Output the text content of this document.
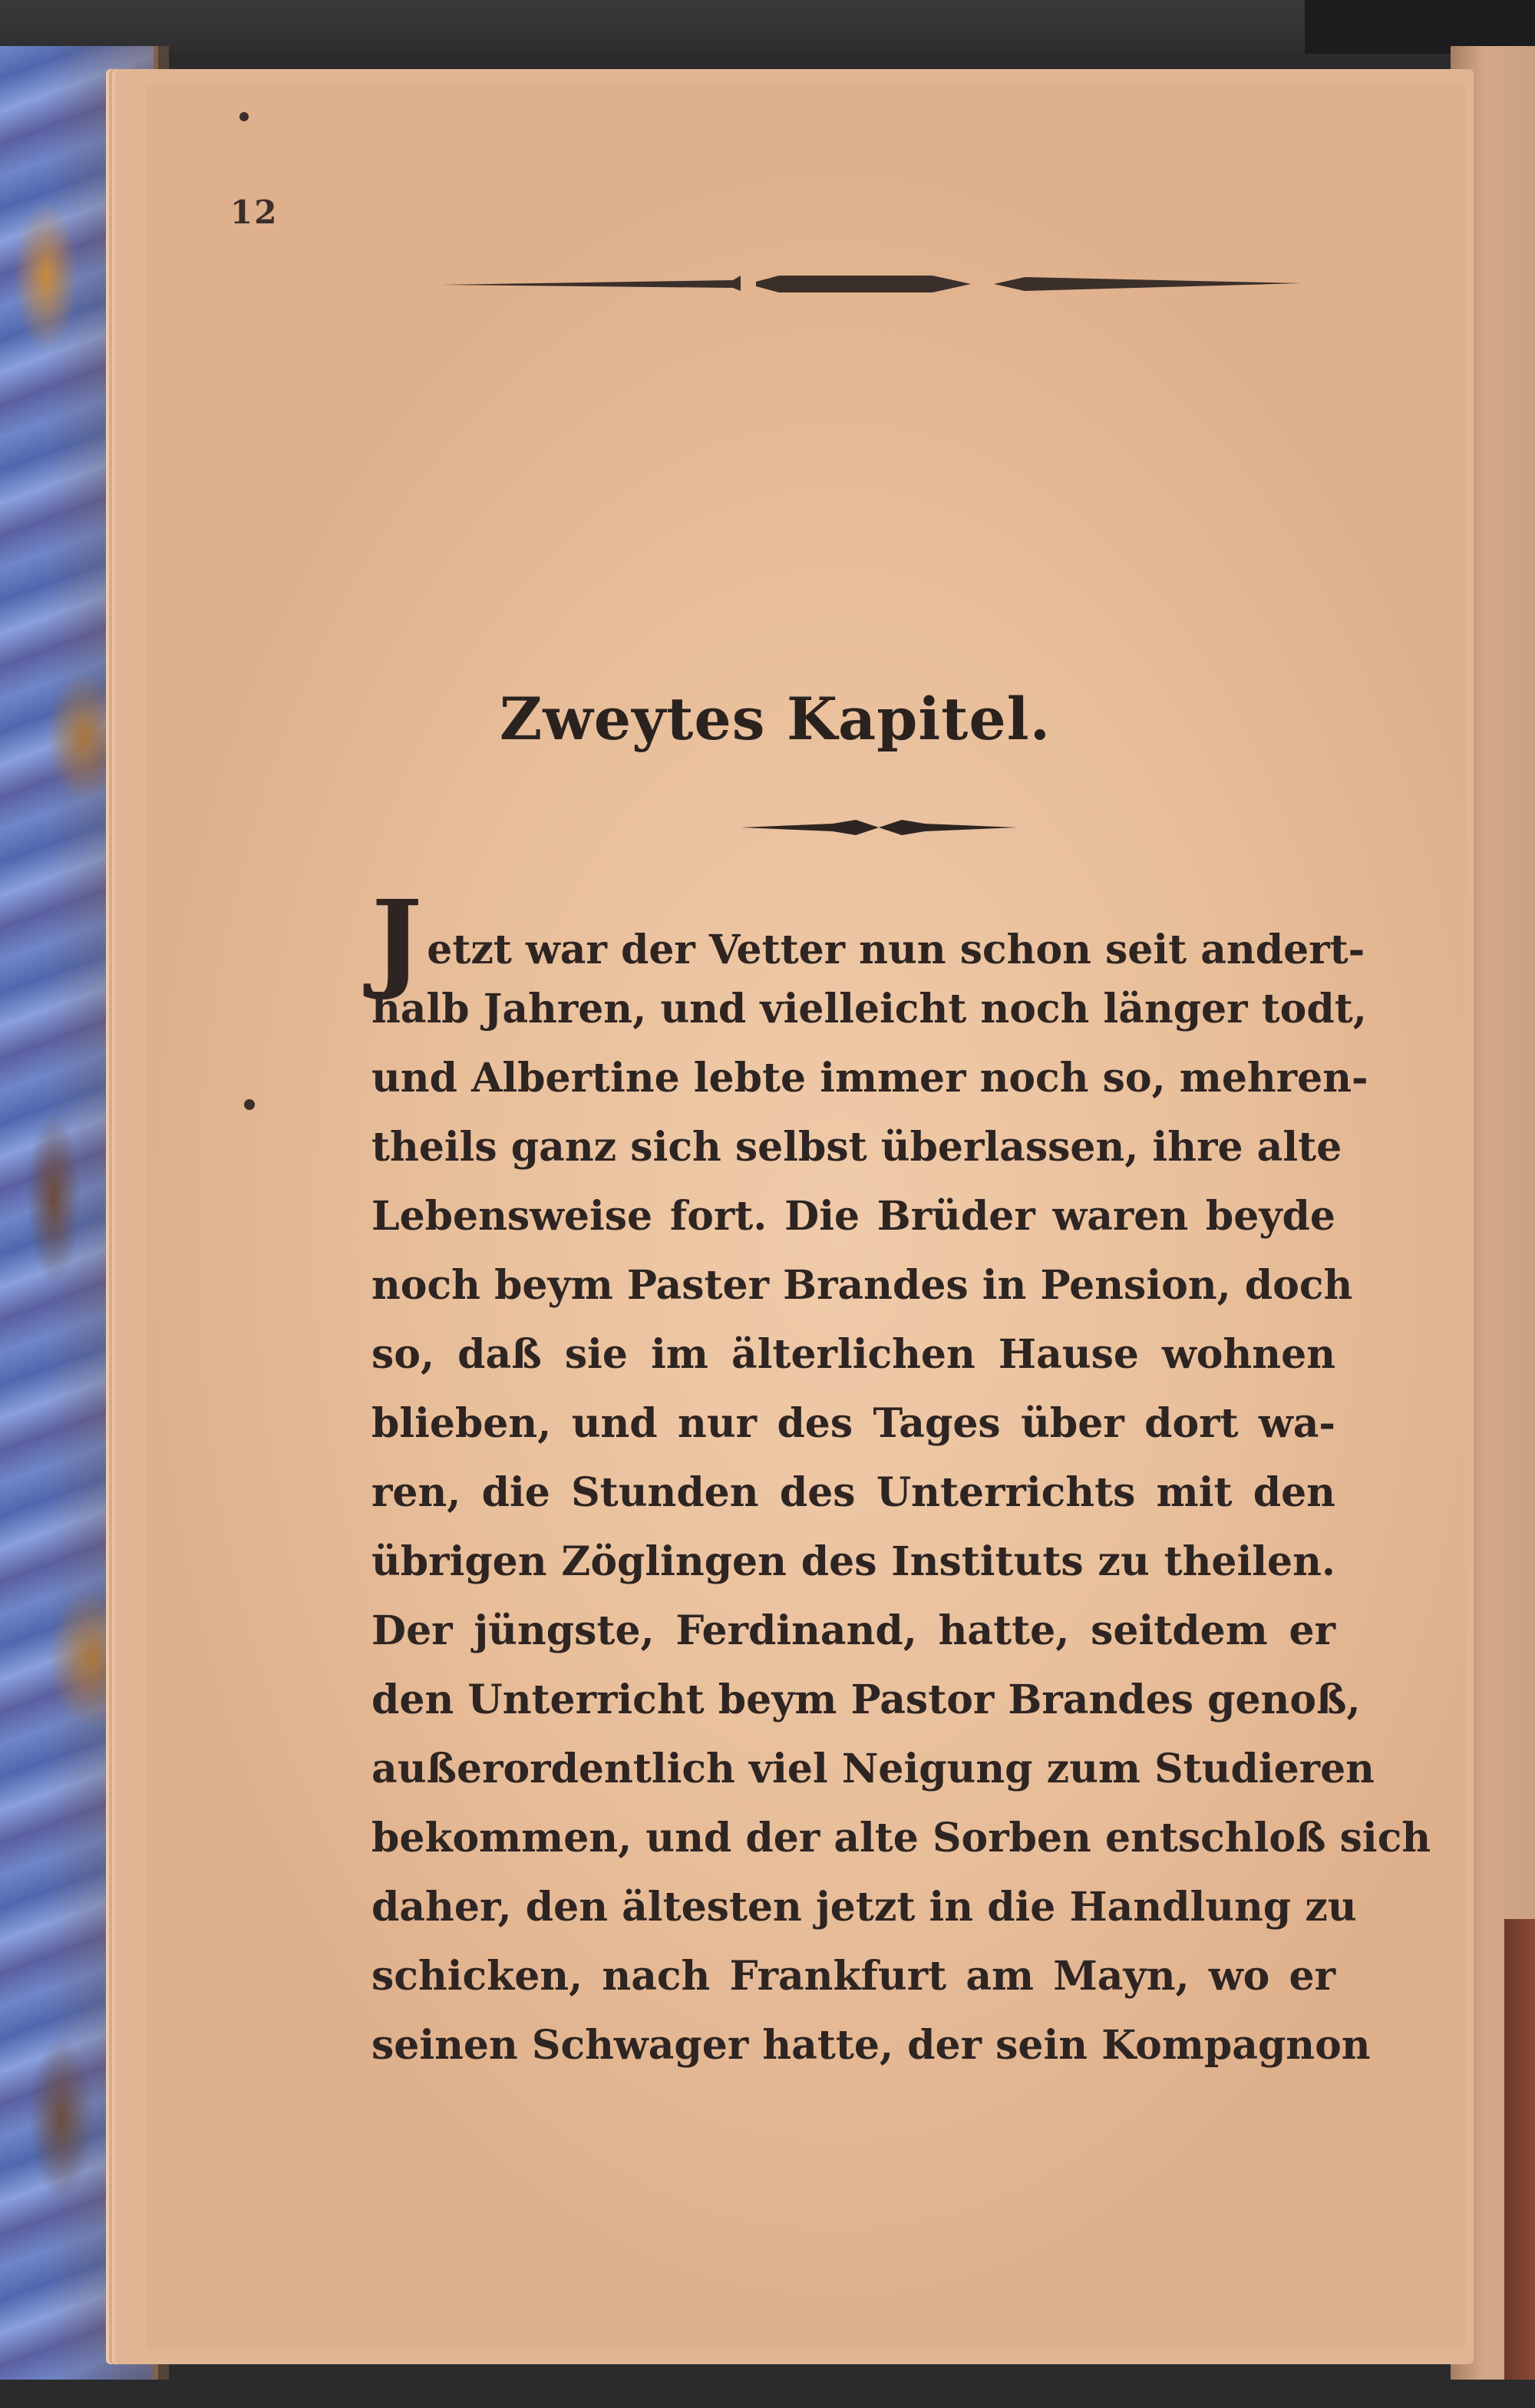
12
Zweytes Kapitel.
Jetzt war der Vetter nun schon seit andert-
halb Jahren, und vielleicht noch länger todt,
und Albertine lebte immer noch so, mehren-
theils ganz sich selbst überlassen, ihre alte
Lebensweise fort. Die Brüder waren beyde
noch beym Paster Brandes in Pension, doch
so, daß sie im älterlichen Hause wohnen
blieben, und nur des Tages über dort wa-
ren, die Stunden des Unterrichts mit den
übrigen Zöglingen des Instituts zu theilen.
Der jüngste, Ferdinand, hatte, seitdem er
den Unterricht beym Pastor Brandes genoß,
außerordentlich viel Neigung zum Studieren
bekommen, und der alte Sorben entschloß sich
daher, den ältesten jetzt in die Handlung zu
schicken, nach Frankfurt am Mayn, wo er
seinen Schwager hatte, der sein Kompagnon
